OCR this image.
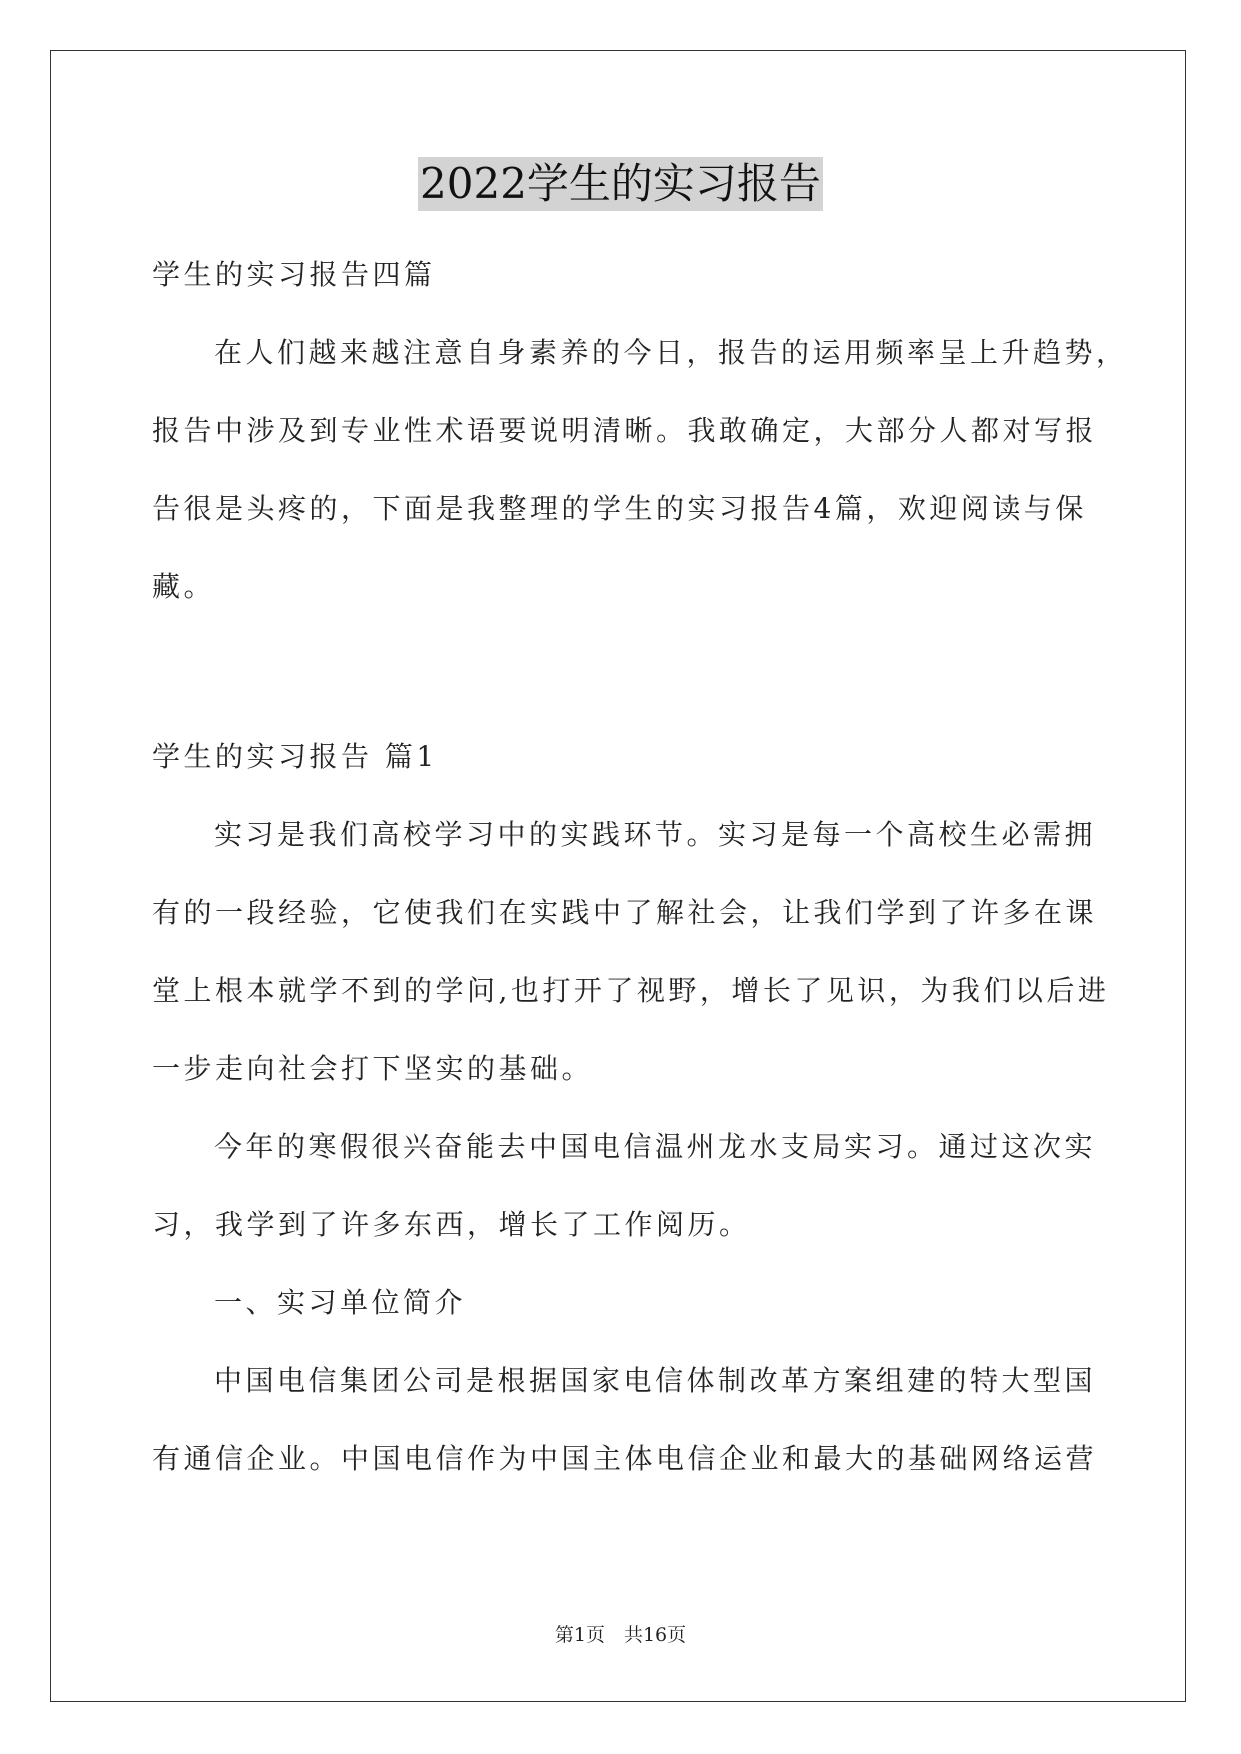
2022学生的实习报告
学生的实习报告四篇
在人们越来越注意自身素养的今日，报告的运用频率呈上升趋势，
报告中涉及到专业性术语要说明清晰。我敢确定，大部分人都对写报
告很是头疼的，下面是我整理的学生的实习报告4篇，欢迎阅读与保
藏。
学生的实习报告 篇1
实习是我们高校学习中的实践环节。实习是每一个高校生必需拥
有的一段经验，它使我们在实践中了解社会，让我们学到了许多在课
堂上根本就学不到的学问,也打开了视野，增长了见识，为我们以后进
一步走向社会打下坚实的基础。
今年的寒假很兴奋能去中国电信温州龙水支局实习。通过这次实
习，我学到了许多东西，增长了工作阅历。
一、实习单位简介
中国电信集团公司是根据国家电信体制改革方案组建的特大型国
有通信企业。中国电信作为中国主体电信企业和最大的基础网络运营
第1页　共16页
